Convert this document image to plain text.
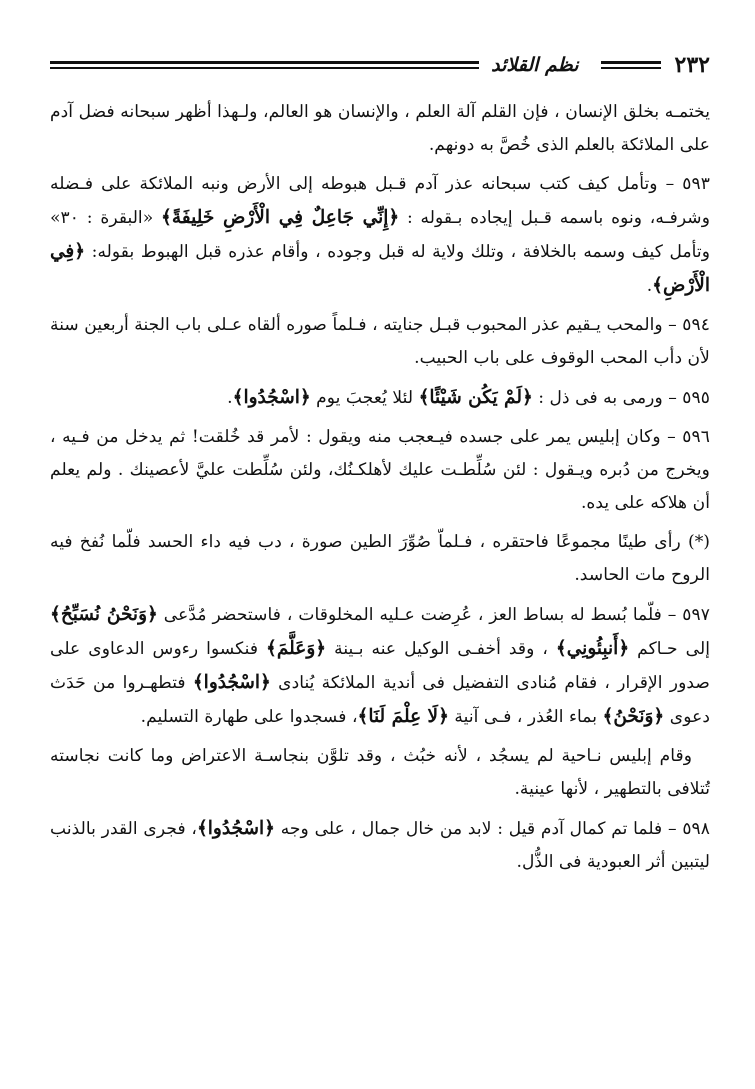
٢٣٢
نظم القلائد

يختمـه بخلق الإنسان ، فإن القلم آلة العلم ، والإنسان هو العالم، ولـهذا أظهر سبحانه فضل آدم على الملائكة بالعلم الذى خُصَّ به دونهم.

٥٩٣ – وتأمل كيف كتب سبحانه عذر آدم قـبل هبوطه إلى الأرض ونبه الملائكة على فـضله وشرفـه، ونوه باسمه قـبل إيجاده بـقوله : ﴿إِنِّي جَاعِلٌ فِي الْأَرْضِ خَلِيفَةً﴾ «البقرة : ٣٠» وتأمل كيف وسمه بالخلافة ، وتلك ولاية له قبل وجوده ، وأقام عذره قبل الهبوط بقوله: ﴿فِي الْأَرْضِ﴾.

٥٩٤ – والمحب يـقيم عذر المحبوب قبـل جنايته ، فـلماً صوره ألقاه عـلى باب الجنة أربعين سنة لأن دأب المحب الوقوف على باب الحبيب.

٥٩٥ – ورمى به فى ذل : ﴿لَمْ يَكُن شَيْئًا﴾ لئلا يُعجبَ يوم ﴿اسْجُدُوا﴾.

٥٩٦ – وكان إبليس يمر على جسده فيـعجب منه ويقول : لأمر قد خُلقت! ثم يدخل من فـيه ، ويخرج من دُبره ويـقول : لئن سُلِّطـت عليك لأهلكـنُك، ولئن سُلِّطت عليَّ لأعصينك . ولم يعلم أن هلاكه على يده.

(*) رأى طينًا مجموعًا فاحتقره ، فـلماّ صُوِّرَ الطين صورة ، دب فيه داء الحسد فلّما نُفخ فيه الروح مات الحاسد.

٥٩٧ – فلّما بُسط له بساط العز ، عُرِضت عـليه المخلوقات ، فاستحضر مُدَّعى ﴿وَنَحْنُ نُسَبِّحُ﴾ إلى حـاكم ﴿أَنبِئُونِي﴾ ، وقد أخفـى الوكيل عنه بـينة ﴿وَعَلَّمَ﴾ فنكسوا رءوس الدعاوى على صدور الإقرار ، فقام مُنادى التفضيل فى أندية الملائكة يُنادى ﴿اسْجُدُوا﴾ فتطهـروا من حَدَث دعوى ﴿وَنَحْنُ﴾ بماء العُذر ، فـى آنية ﴿لَا عِلْمَ لَنَا﴾، فسجدوا على طهارة التسليم.

وقام إبليس نـاحية لم يسجُد ، لأنه خبُث ، وقد تلوَّن بنجاسـة الاعتراض وما كانت نجاسته تُتلافى بالتطهير ، لأنها عينية.

٥٩٨ – فلما تم كمال آدم قيل : لابد من خال جمال ، على وجه ﴿اسْجُدُوا﴾، فجرى القدر بالذنب ليتبين أثر العبودية فى الذُّل.
